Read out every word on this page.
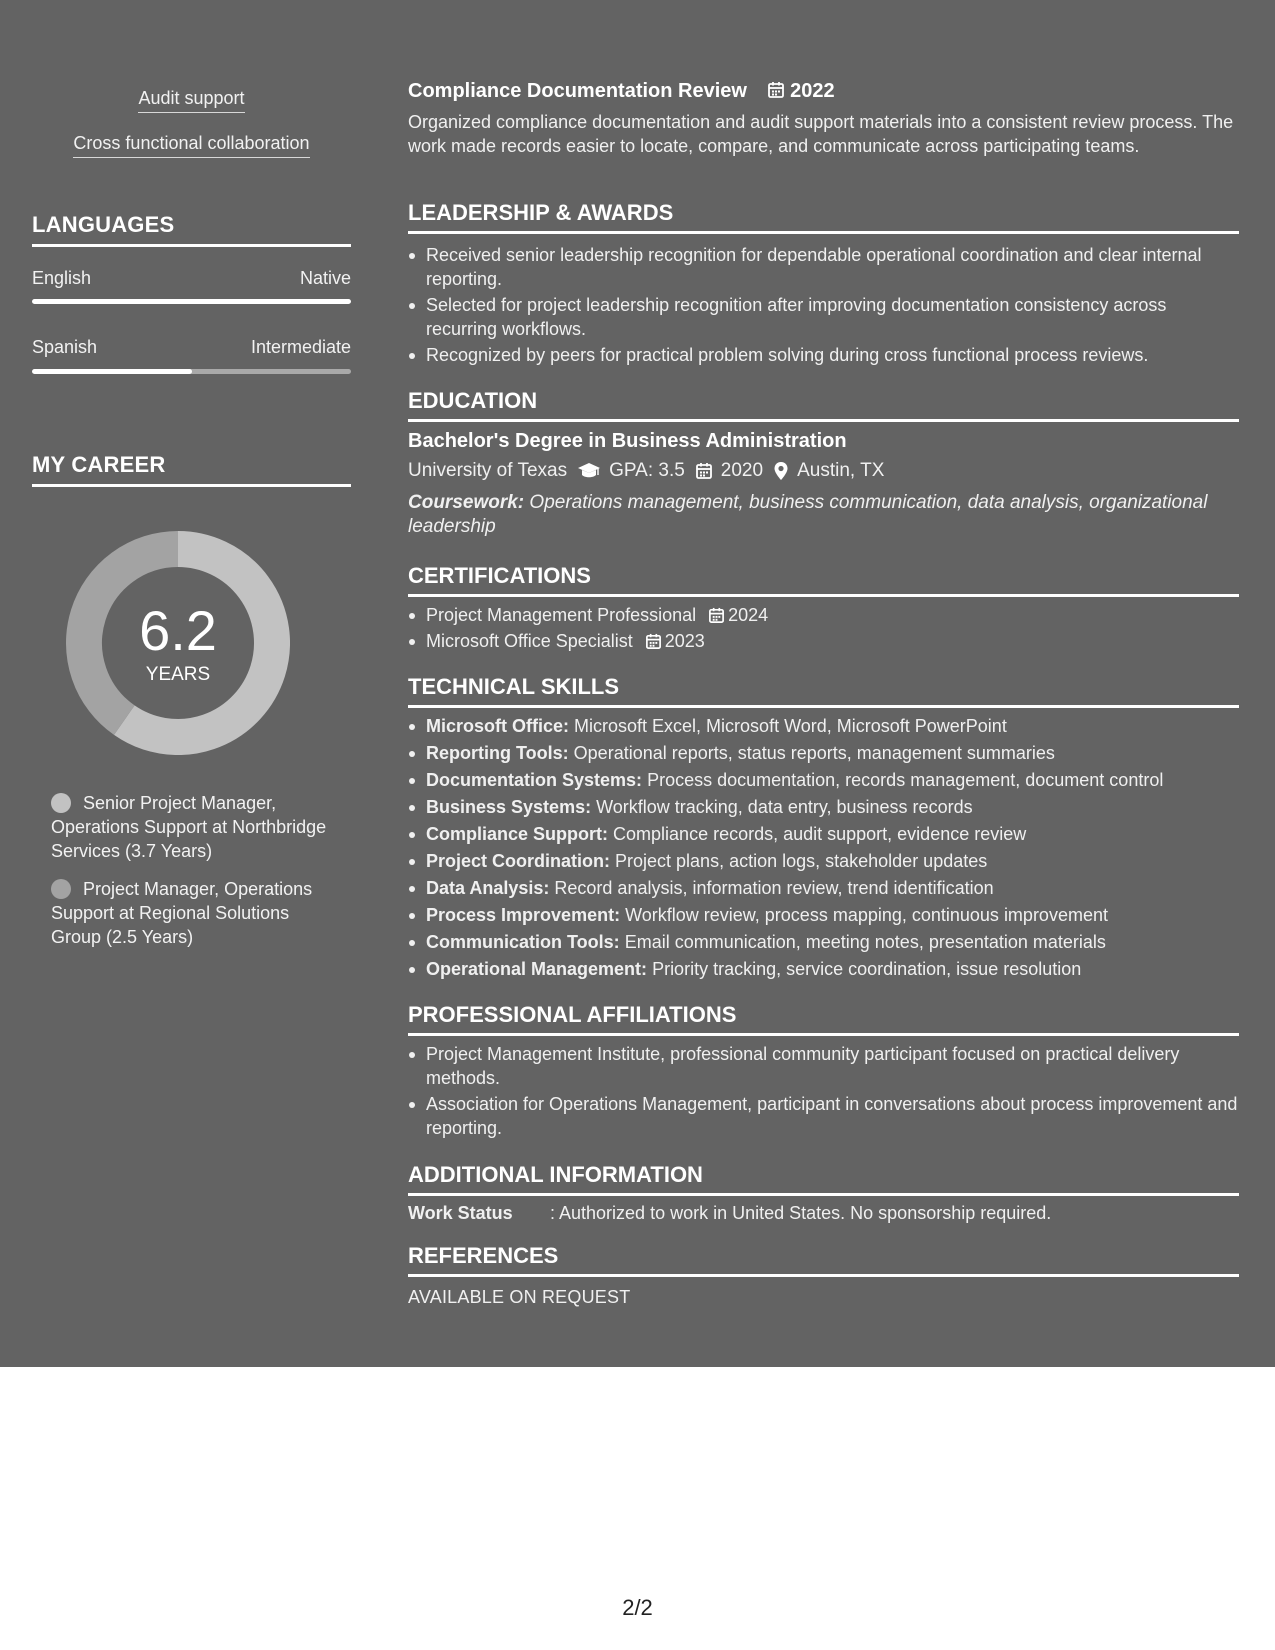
Audit support
Cross functional collaboration
LANGUAGES
English	Native
Spanish	Intermediate
MY CAREER
6.2
YEARS
Senior Project Manager, Operations Support at Northbridge Services (3.7 Years)
Project Manager, Operations Support at Regional Solutions Group (2.5 Years)
Compliance Documentation Review 2022
Organized compliance documentation and audit support materials into a consistent review process. The work made records easier to locate, compare, and communicate across participating teams.
LEADERSHIP & AWARDS
Received senior leadership recognition for dependable operational coordination and clear internal reporting.
Selected for project leadership recognition after improving documentation consistency across recurring workflows.
Recognized by peers for practical problem solving during cross functional process reviews.
EDUCATION
Bachelor's Degree in Business Administration
University of Texas GPA: 3.5 2020 Austin, TX
Coursework: Operations management, business communication, data analysis, organizational leadership
CERTIFICATIONS
Project Management Professional 2024
Microsoft Office Specialist 2023
TECHNICAL SKILLS
Microsoft Office: Microsoft Excel, Microsoft Word, Microsoft PowerPoint
Reporting Tools: Operational reports, status reports, management summaries
Documentation Systems: Process documentation, records management, document control
Business Systems: Workflow tracking, data entry, business records
Compliance Support: Compliance records, audit support, evidence review
Project Coordination: Project plans, action logs, stakeholder updates
Data Analysis: Record analysis, information review, trend identification
Process Improvement: Workflow review, process mapping, continuous improvement
Communication Tools: Email communication, meeting notes, presentation materials
Operational Management: Priority tracking, service coordination, issue resolution
PROFESSIONAL AFFILIATIONS
Project Management Institute, professional community participant focused on practical delivery methods.
Association for Operations Management, participant in conversations about process improvement and reporting.
ADDITIONAL INFORMATION
Work Status	: Authorized to work in United States. No sponsorship required.
REFERENCES
AVAILABLE ON REQUEST
2/2
